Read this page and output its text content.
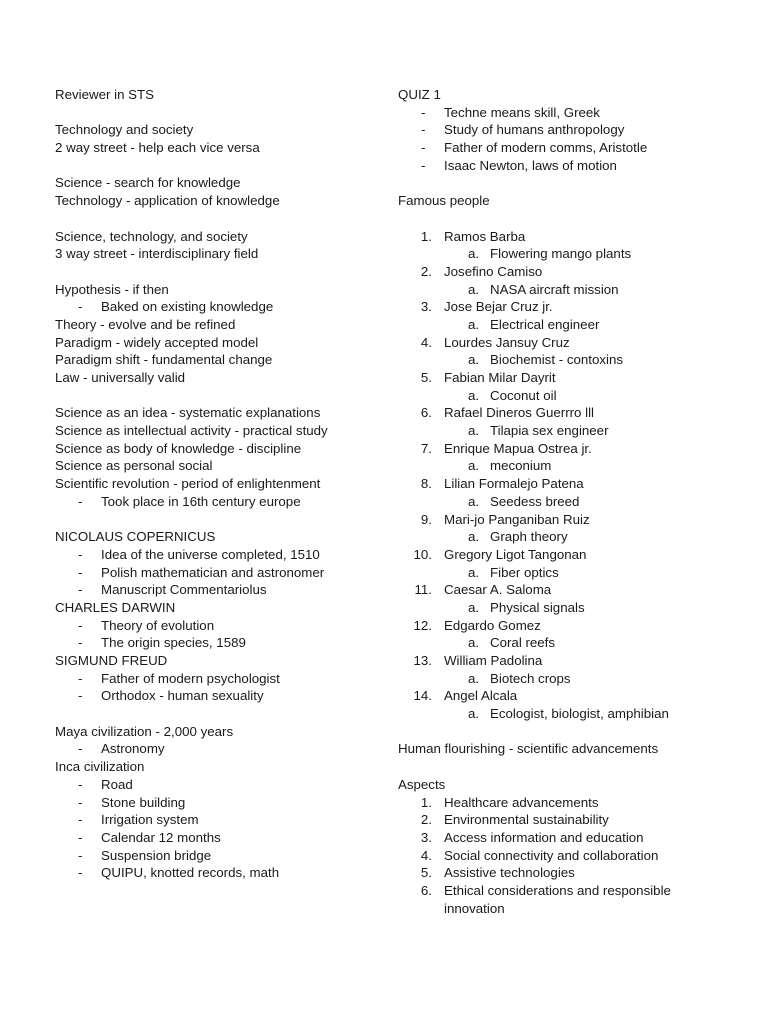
Reviewer in STS
Technology and society
2 way street - help each vice versa
Science - search for knowledge
Technology - application of knowledge
Science, technology, and society
3 way street - interdisciplinary field
Hypothesis - if then
- Baked on existing knowledge
Theory - evolve and be refined
Paradigm - widely accepted model
Paradigm shift - fundamental change
Law - universally valid
Science as an idea - systematic explanations
Science as intellectual activity - practical study
Science as body of knowledge - discipline
Science as personal social
Scientific revolution - period of enlightenment
- Took place in 16th century europe
NICOLAUS COPERNICUS
- Idea of the universe completed, 1510
- Polish mathematician and astronomer
- Manuscript Commentariolus
CHARLES DARWIN
- Theory of evolution
- The origin species, 1589
SIGMUND FREUD
- Father of modern psychologist
- Orthodox - human sexuality
Maya civilization - 2,000 years
- Astronomy
Inca civilization
- Road
- Stone building
- Irrigation system
- Calendar 12 months
- Suspension bridge
- QUIPU, knotted records, math
QUIZ 1
- Techne means skill, Greek
- Study of humans anthropology
- Father of modern comms, Aristotle
- Isaac Newton, laws of motion
Famous people
1. Ramos Barba
a. Flowering mango plants
2. Josefino Camiso
a. NASA aircraft mission
3. Jose Bejar Cruz jr.
a. Electrical engineer
4. Lourdes Jansuy Cruz
a. Biochemist - contoxins
5. Fabian Milar Dayrit
a. Coconut oil
6. Rafael Dineros Guerrro lll
a. Tilapia sex engineer
7. Enrique Mapua Ostrea jr.
a. meconium
8. Lilian Formalejo Patena
a. Seedess breed
9. Mari-jo Panganiban Ruiz
a. Graph theory
10. Gregory Ligot Tangonan
a. Fiber optics
11. Caesar A. Saloma
a. Physical signals
12. Edgardo Gomez
a. Coral reefs
13. William Padolina
a. Biotech crops
14. Angel Alcala
a. Ecologist, biologist, amphibian
Human flourishing - scientific advancements
Aspects
1. Healthcare advancements
2. Environmental sustainability
3. Access information and education
4. Social connectivity and collaboration
5. Assistive technologies
6. Ethical considerations and responsible innovation
